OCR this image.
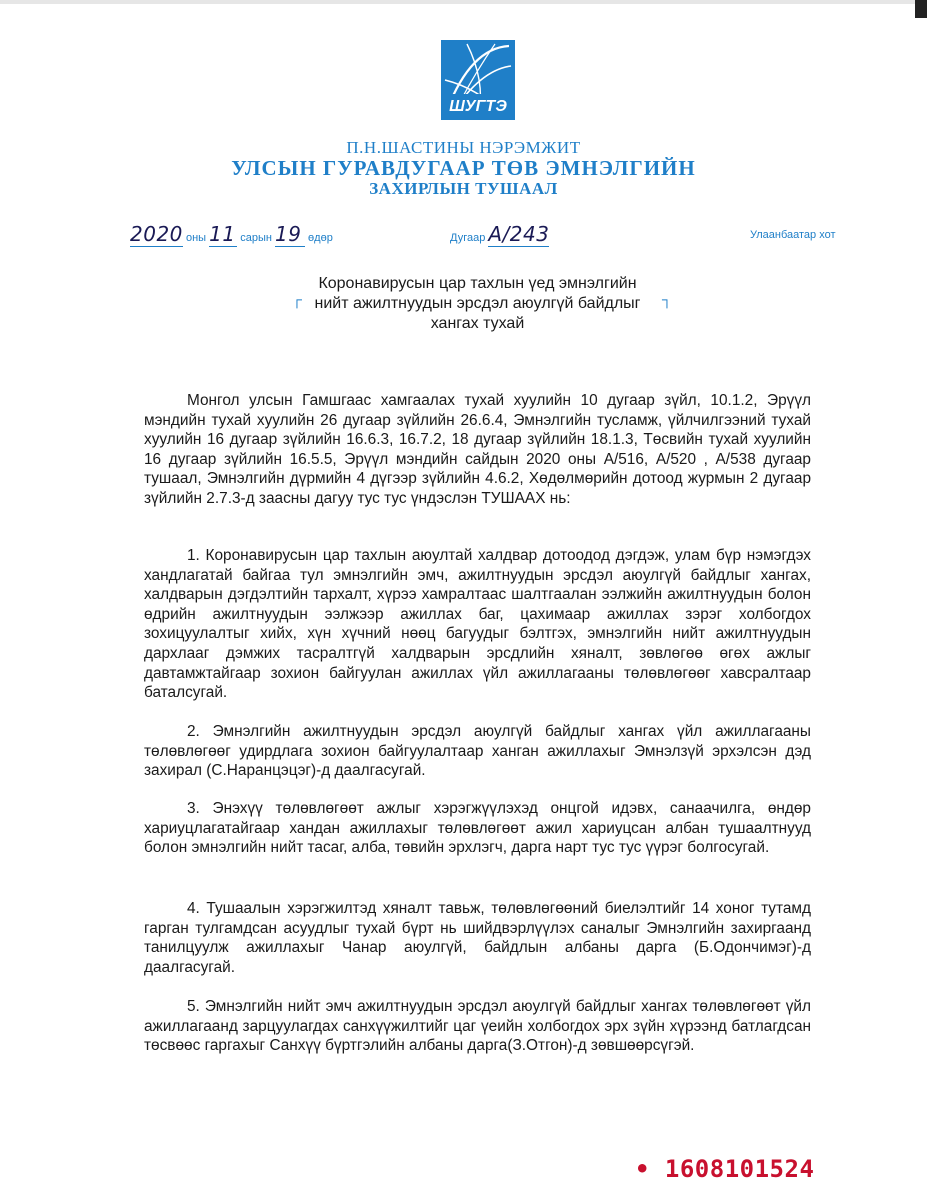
ШУГТЭ
П.Н.ШАСТИНЫ НЭРЭМЖИТ
УЛСЫН ГУРАВДУГААР ТӨВ ЭМНЭЛГИЙН
ЗАХИРЛЫН ТУШААЛ
2020 оны 11 сарын 19 өдөр	Дугаар А/243	Улаанбаатар хот
┌
Коронавирусын цар тахлын үед эмнэлгийн
нийт ажилтнуудын эрсдэл аюулгүй байдлыг
хангах тухай
┐
Монгол улсын Гамшгаас хамгаалах тухай хуулийн 10 дугаар зүйл, 10.1.2, Эрүүл мэндийн тухай хуулийн 26 дугаар зүйлийн 26.6.4, Эмнэлгийн тусламж, үйлчилгээний тухай хуулийн 16 дугаар зүйлийн 16.6.3, 16.7.2, 18 дугаар зүйлийн 18.1.3, Төсвийн тухай хуулийн 16 дугаар зүйлийн 16.5.5, Эрүүл мэндийн сайдын 2020 оны А/516, А/520 , А/538 дугаар тушаал, Эмнэлгийн дүрмийн 4 дүгээр зүйлийн 4.6.2, Хөдөлмөрийн дотоод журмын 2 дугаар зүйлийн 2.7.3-д заасны дагуу тус тус үндэслэн ТУШААХ нь:
1. Коронавирусын цар тахлын аюултай халдвар дотоодод дэгдэж, улам бүр нэмэгдэх хандлагатай байгаа тул эмнэлгийн эмч, ажилтнуудын эрсдэл аюулгүй байдлыг хангах, халдварын дэгдэлтийн тархалт, хүрээ хамралтаас шалтгаалан ээлжийн ажилтнуудын болон өдрийн ажилтнуудын ээлжээр ажиллах баг, цахимаар ажиллах зэрэг холбогдох зохицуулалтыг хийх, хүн хүчний нөөц багуудыг бэлтгэх, эмнэлгийн нийт ажилтнуудын дархлааг дэмжих тасралтгүй халдварын эрсдлийн хяналт, зөвлөгөө өгөх ажлыг давтамжтайгаар зохион байгуулан ажиллах үйл ажиллагааны төлөвлөгөөг хавсралтаар баталсугай.
2. Эмнэлгийн ажилтнуудын эрсдэл аюулгүй байдлыг хангах үйл ажиллагааны төлөвлөгөөг удирдлага зохион байгуулалтаар ханган ажиллахыг Эмнэлзүй эрхэлсэн дэд захирал (С.Наранцэцэг)-д даалгасугай.
3. Энэхүү төлөвлөгөөт ажлыг хэрэгжүүлэхэд онцгой идэвх, санаачилга, өндөр хариуцлагатайгаар хандан ажиллахыг төлөвлөгөөт ажил хариуцсан албан тушаалтнууд болон эмнэлгийн нийт тасаг, алба, төвийн эрхлэгч, дарга нарт тус тус үүрэг болгосугай.
4. Тушаалын хэрэгжилтэд хяналт тавьж, төлөвлөгөөний биелэлтийг 14 хоног тутамд гарган тулгамдсан асуудлыг тухай бүрт нь шийдвэрлүүлэх саналыг Эмнэлгийн захиргаанд танилцуулж ажиллахыг Чанар аюулгүй, байдлын албаны дарга (Б.Одончимэг)-д даалгасугай.
5. Эмнэлгийн нийт эмч ажилтнуудын эрсдэл аюулгүй байдлыг хангах төлөвлөгөөт үйл ажиллагаанд зарцуулагдах санхүүжилтийг цаг үеийн холбогдох эрх зүйн хүрээнд батлагдсан төсвөөс гаргахыг Санхүү бүртгэлийн албаны дарга(З.Отгон)-д зөвшөөрсүгэй.
• 1608101524
